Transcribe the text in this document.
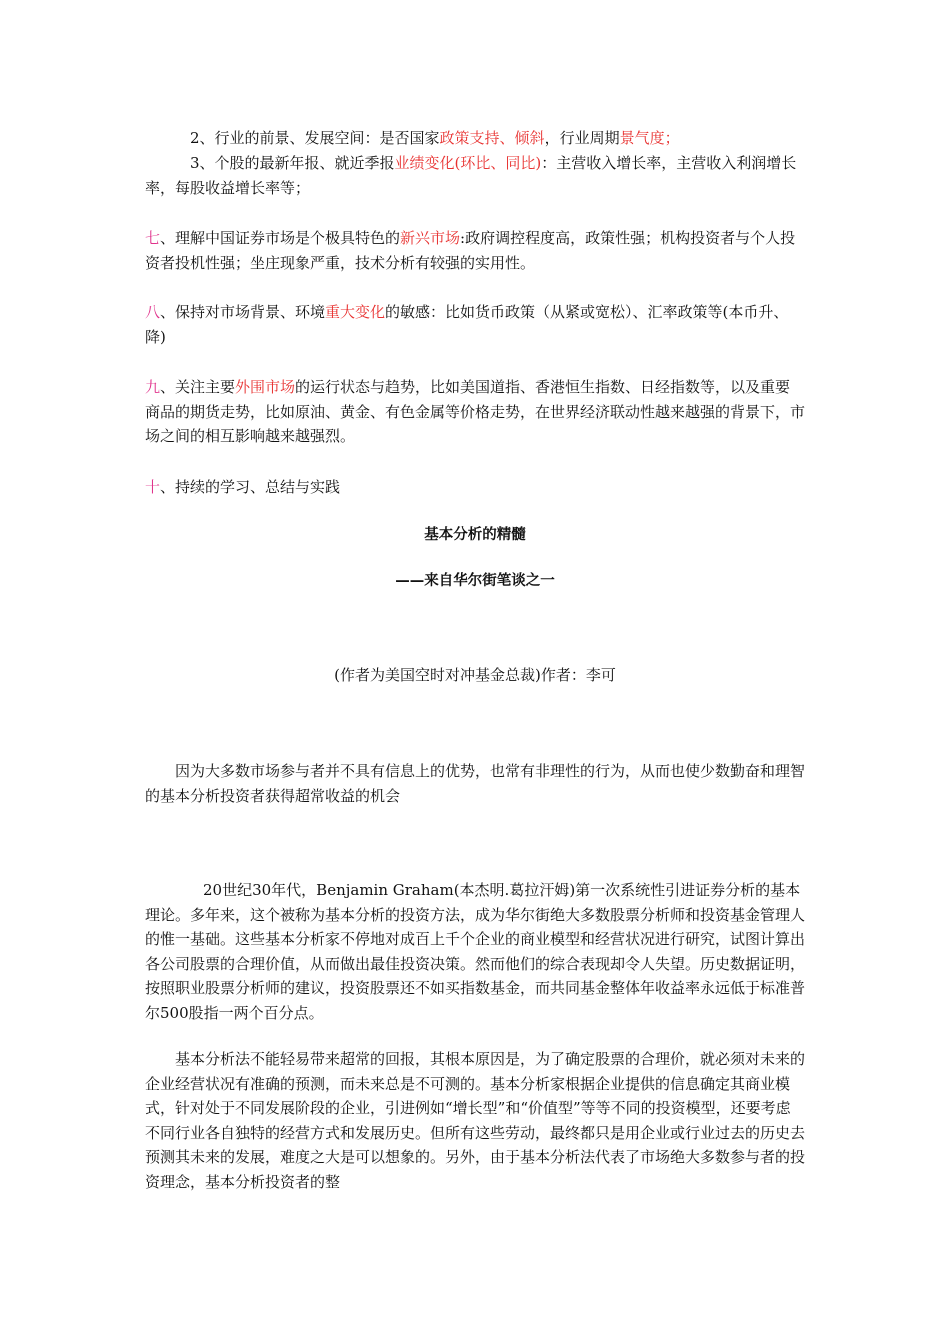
2、行业的前景、发展空间：是否国家政策支持、倾斜，行业周期景气度；

3、个股的最新年报、就近季报业绩变化(环比、同比)：主营收入增长率，主营收入利润增长率，每股收益增长率等；

七、理解中国证券市场是个极具特色的新兴市场:政府调控程度高，政策性强；机构投资者与个人投资者投机性强；坐庄现象严重，技术分析有较强的实用性。

八、保持对市场背景、环境重大变化的敏感：比如货币政策（从紧或宽松）、汇率政策等(本币升、降)

九、关注主要外围市场的运行状态与趋势，比如美国道指、香港恒生指数、日经指数等，以及重要商品的期货走势，比如原油、黄金、有色金属等价格走势，在世界经济联动性越来越强的背景下，市场之间的相互影响越来越强烈。

十、持续的学习、总结与实践

基本分析的精髓

——来自华尔街笔谈之一

(作者为美国空时对冲基金总裁)作者：李可

因为大多数市场参与者并不具有信息上的优势，也常有非理性的行为，从而也使少数勤奋和理智的基本分析投资者获得超常收益的机会

20世纪30年代，Benjamin Graham(本杰明.葛拉汗姆)第一次系统性引进证券分析的基本理论。多年来，这个被称为基本分析的投资方法，成为华尔街绝大多数股票分析师和投资基金管理人的惟一基础。这些基本分析家不停地对成百上千个企业的商业模型和经营状况进行研究，试图计算出各公司股票的合理价值，从而做出最佳投资决策。然而他们的综合表现却令人失望。历史数据证明，按照职业股票分析师的建议，投资股票还不如买指数基金，而共同基金整体年收益率永远低于标准普尔500股指一两个百分点。

基本分析法不能轻易带来超常的回报，其根本原因是，为了确定股票的合理价，就必须对未来的企业经营状况有准确的预测，而未来总是不可测的。基本分析家根据企业提供的信息确定其商业模式，针对处于不同发展阶段的企业，引进例如“增长型”和“价值型”等等不同的投资模型，还要考虑不同行业各自独特的经营方式和发展历史。但所有这些劳动，最终都只是用企业或行业过去的历史去预测其未来的发展，难度之大是可以想象的。另外，由于基本分析法代表了市场绝大多数参与者的投资理念，基本分析投资者的整
